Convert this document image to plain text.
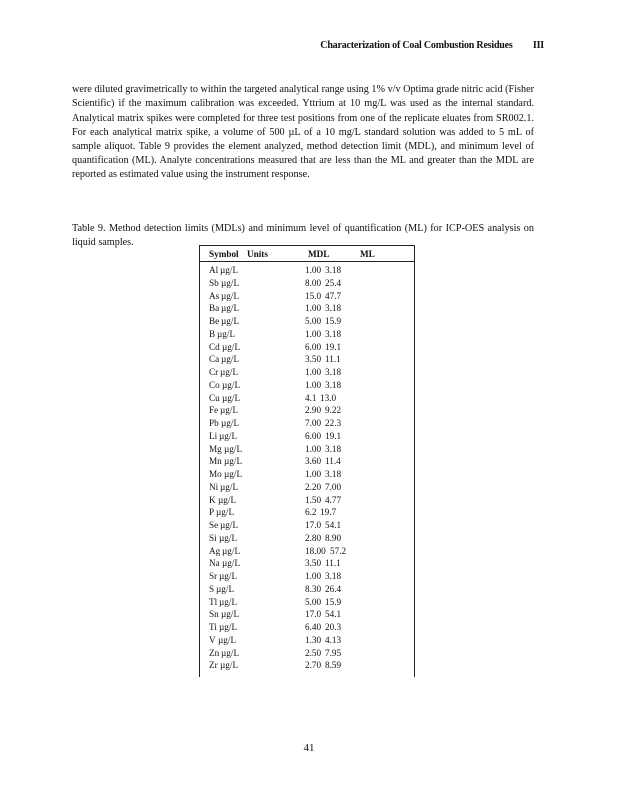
Characterization of Coal Combustion Residues III

were diluted gravimetrically to within the targeted analytical range using 1% v/v Optima grade nitric acid (Fisher Scientific) if the maximum calibration was exceeded. Yttrium at 10 mg/L was used as the internal standard. Analytical matrix spikes were completed for three test positions from one of the replicate eluates from SR002.1. For each analytical matrix spike, a volume of 500 µL of a 10 mg/L standard solution was added to 5 mL of sample aliquot. Table 9 provides the element analyzed, method detection limit (MDL), and minimum level of quantification (ML). Analyte concentrations measured that are less than the ML and greater than the MDL are reported as estimated value using the instrument response.

Table 9. Method detection limits (MDLs) and minimum level of quantification (ML) for ICP-OES analysis on liquid samples.

Symbol Units	MDL	ML
Al µg/L	1.00 3.18
Sb µg/L	8.00 25.4
As µg/L	15.0 47.7
Ba µg/L	1.00 3.18
Be µg/L	5.00 15.9
B µg/L	1.00 3.18
Cd µg/L	6.00 19.1
Ca µg/L	3.50 11.1
Cr µg/L	1.00 3.18
Co µg/L	1.00 3.18
Cu µg/L	4.1 13.0
Fe µg/L	2.90 9.22
Pb µg/L	7.00 22.3
Li µg/L	6.00 19.1
Mg µg/L	1.00 3.18
Mn µg/L	3.60 11.4
Mo µg/L	1.00 3.18
Ni µg/L	2.20 7.00
K µg/L	1.50 4.77
P µg/L	6.2 19.7
Se µg/L	17.0 54.1
Si µg/L	2.80 8.90
Ag µg/L	18.00 57.2
Na µg/L	3.50 11.1
Sr µg/L	1.00 3.18
S µg/L	8.30 26.4
Tl µg/L	5.00 15.9
Sn µg/L	17.0 54.1
Ti µg/L	6.40 20.3
V µg/L	1.30 4.13
Zn µg/L	2.50 7.95
Zr µg/L	2.70 8.59
41
